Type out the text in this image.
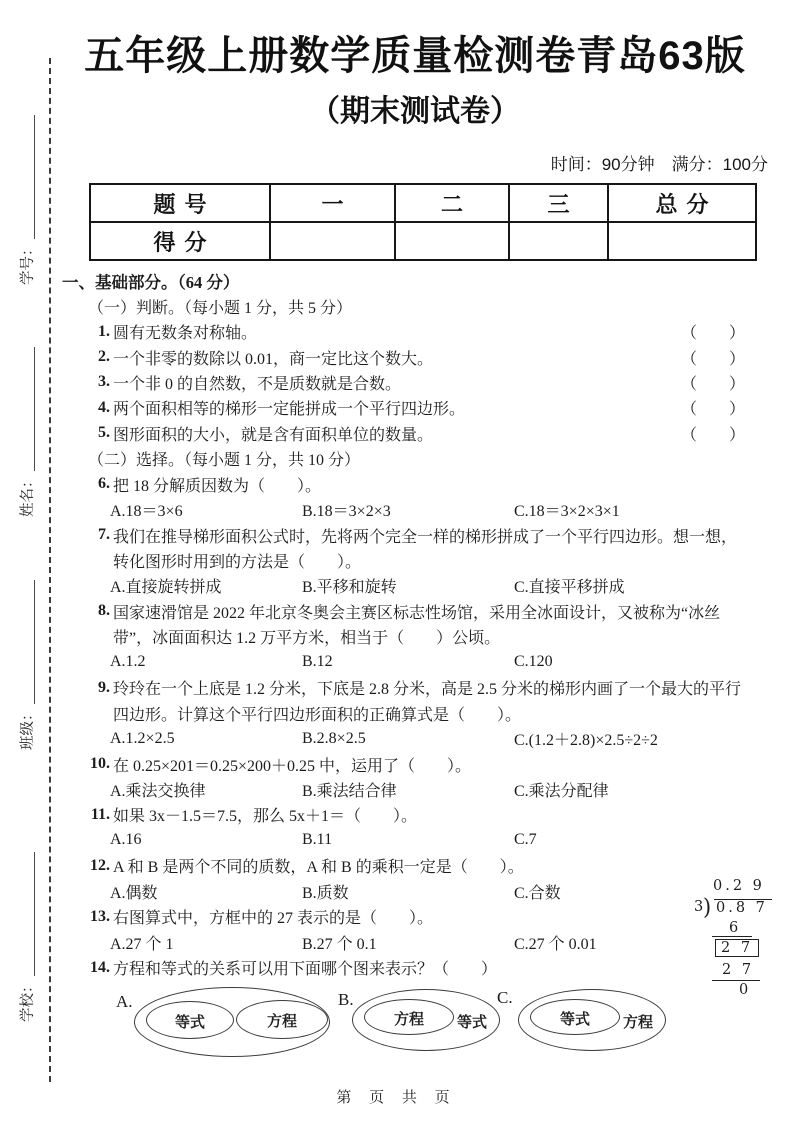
学号：
姓名：
班级：
学校：
五年级上册数学质量检测卷青岛63版
（期末测试卷）
时间：90分钟　满分：100分
题号	一	二	三	总分
得分				
一、基础部分。（64 分）
（一）判断。（每小题 1 分，共 5 分）
1. 圆有无数条对称轴。	（　　）
2. 一个非零的数除以 0.01，商一定比这个数大。	（　　）
3. 一个非 0 的自然数，不是质数就是合数。	（　　）
4. 两个面积相等的梯形一定能拼成一个平行四边形。	（　　）
5. 图形面积的大小，就是含有面积单位的数量。	（　　）
（二）选择。（每小题 1 分，共 10 分）
6. 把 18 分解质因数为（　　）。
A.18＝3×6	B.18＝3×2×3	C.18＝3×2×3×1
7. 我们在推导梯形面积公式时，先将两个完全一样的梯形拼成了一个平行四边形。想一想，
转化图形时用到的方法是（　　）。
A.直接旋转拼成	B.平移和旋转	C.直接平移拼成
8. 国家速滑馆是 2022 年北京冬奥会主赛区标志性场馆，采用全冰面设计，又被称为“冰丝
带”，冰面面积达 1.2 万平方米，相当于（　　）公顷。
A.1.2	B.12	C.120
9. 玲玲在一个上底是 1.2 分米，下底是 2.8 分米，高是 2.5 分米的梯形内画了一个最大的平行
四边形。计算这个平行四边形面积的正确算式是（　　）。
A.1.2×2.5	B.2.8×2.5	C.(1.2＋2.8)×2.5÷2÷2
10. 在 0.25×201＝0.25×200＋0.25 中，运用了（　　）。
A.乘法交换律	B.乘法结合律	C.乘法分配律
11. 如果 3x－1.5＝7.5，那么 5x＋1＝（　　）。
A.16	B.11	C.7
12. A 和 B 是两个不同的质数，A 和 B 的乘积一定是（　　）。
A.偶数	B.质数	C.合数
13. 右图算式中，方框中的 27 表示的是（　　）。
A.27 个 1	B.27 个 0.1	C.27 个 0.01
14. 方程和等式的关系可以用下面哪个图来表示？（　　）
0.2 9
3 ) 0.8 7
6
2 7
2 7
0
A.
等式	方程
B.
方程	等式
C.
等式	方程
第 页 共 页
